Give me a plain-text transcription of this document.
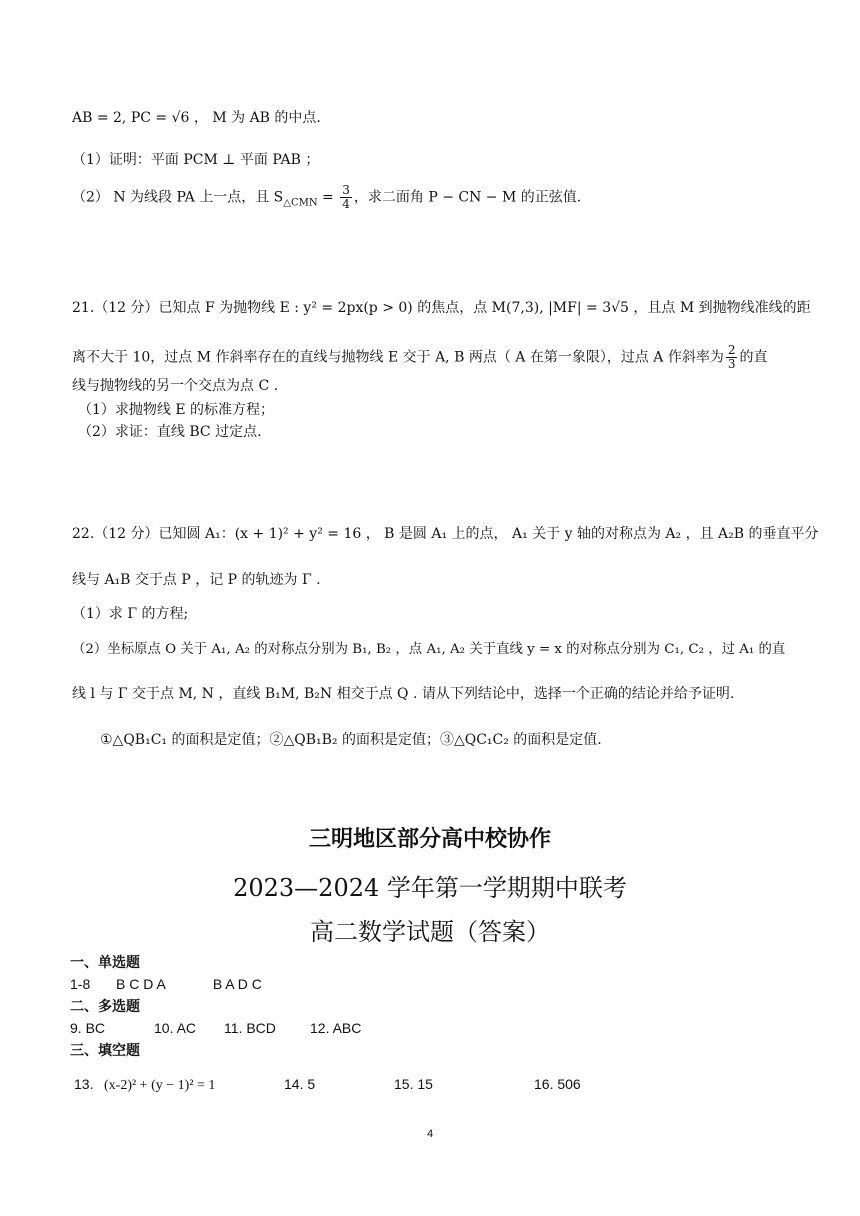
AB = 2, PC = √6 ， M 为 AB 的中点.
（1）证明：平面 PCM ⊥ 平面 PAB ；
（2） N 为线段 PA 上一点，且 $S_{\triangle CMN} = \frac{3}{4}$ ，求二面角 P − CN − M 的正弦值.
21.（12 分）已知点 F 为抛物线 E : y² = 2px(p > 0) 的焦点，点 M(7,3), |MF| = 3√5 ，且点 M 到抛物线准线的距
离不大于 10，过点 M 作斜率存在的直线与抛物线 E 交于 A, B 两点（ A 在第一象限），过点 A 作斜率为 $\frac{2}{3}$ 的直
线与抛物线的另一个交点为点 C .
（1）求抛物线 E 的标准方程；
（2）求证：直线 BC 过定点.
22.（12 分）已知圆 A₁：(x + 1)² + y² = 16 ， B 是圆 A₁ 上的点， A₁ 关于 y 轴的对称点为 A₂ ，且 A₂B 的垂直平分
线与 A₁B 交于点 P ，记 P 的轨迹为 Γ .
（1）求 Γ 的方程;
（2）坐标原点 O 关于 A₁, A₂ 的对称点分别为 B₁, B₂ ，点 A₁, A₂ 关于直线 y = x 的对称点分别为 C₁, C₂ ，过 A₁ 的直
线 l 与 Γ 交于点 M, N ，直线 B₁M, B₂N 相交于点 Q . 请从下列结论中，选择一个正确的结论并给予证明.
①△QB₁C₁ 的面积是定值；②△QB₁B₂ 的面积是定值；③△QC₁C₂ 的面积是定值.
三明地区部分高中校协作
2023—2024 学年第一学期期中联考
高二数学试题（答案）
一、单选题
1-8 B C D A	B A D C
二、多选题
9. BC	10. AC 11. BCD 12. ABC
三、填空题
13. (x-2)² + (y − 1)² = 1	14. 5	15. 15	16. 506
4
